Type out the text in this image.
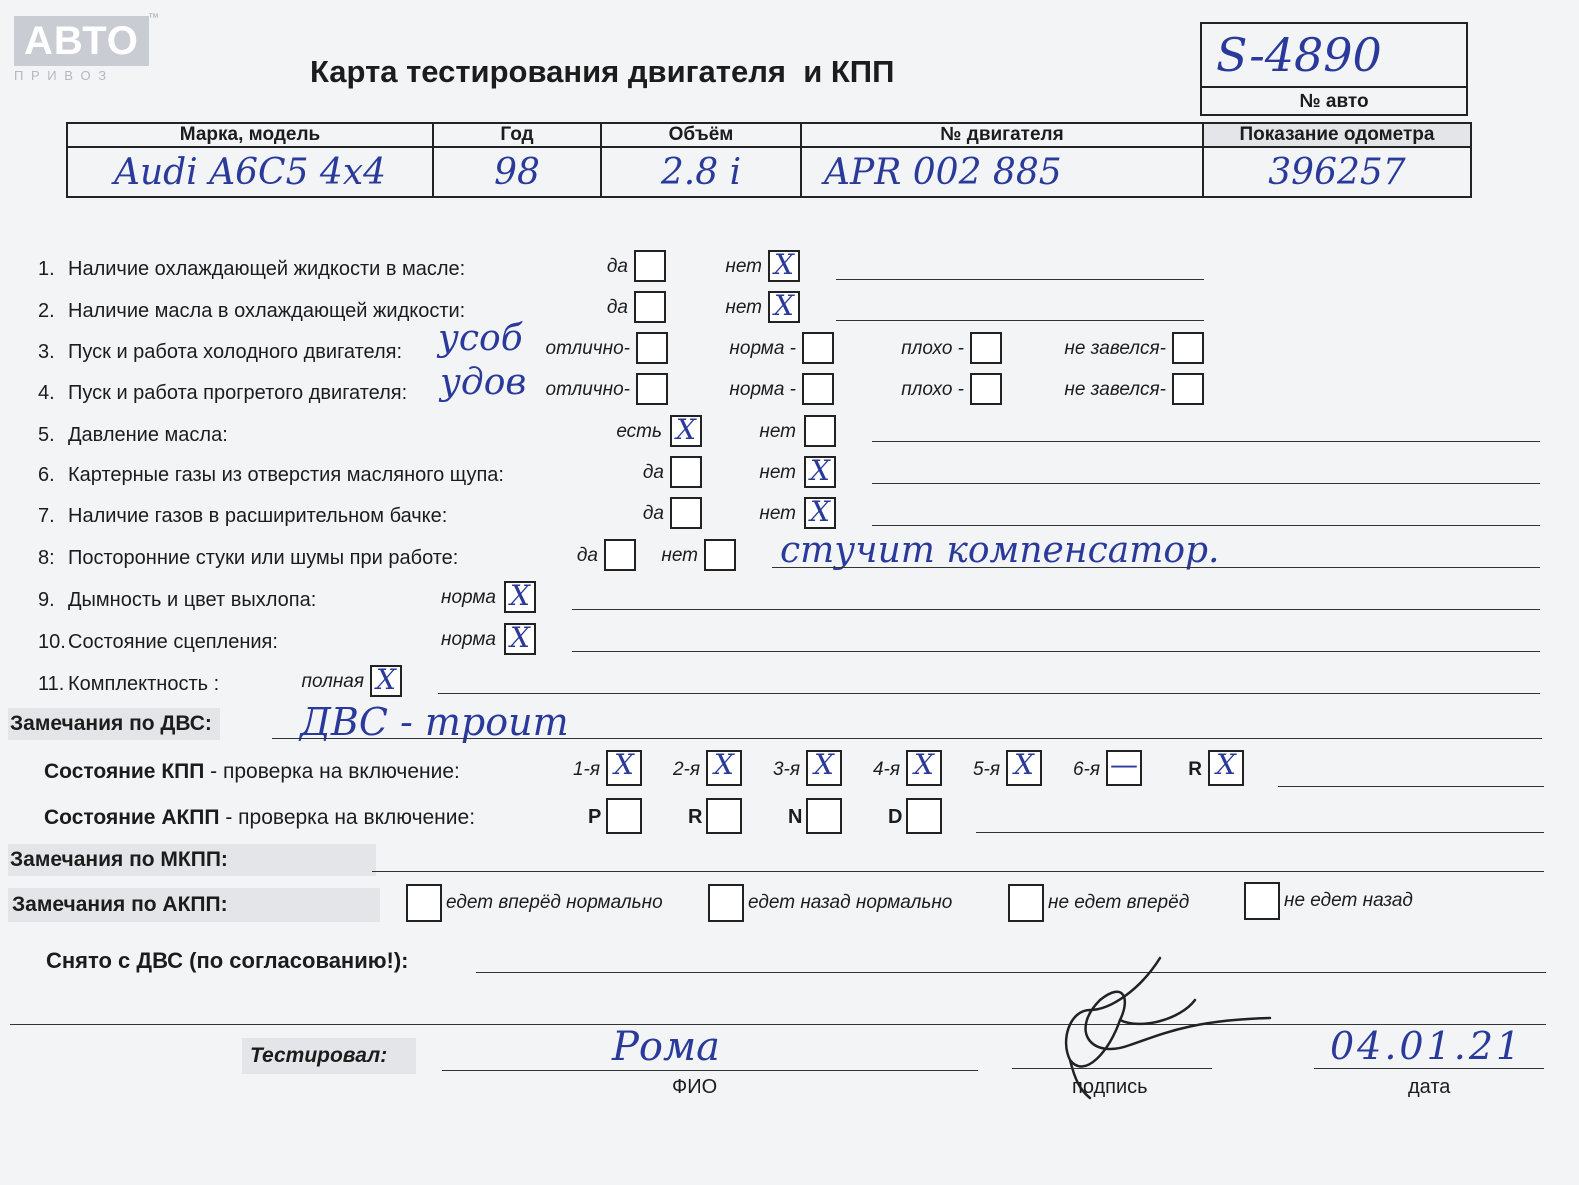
АВТО
П Р И В О З
™
Карта тестирования двигателя  и КПП	S-4890
№ авто
Марка, модель	Год	Объём	№ двигателя	Показание одометра
Audi A6C5 4x4	98	2.8 i	APR 002 885	396257
1. Наличие охлаждающей жидкости в масле:	да	нет X
2. Наличие масла в охлаждающей жидкости:	да	нет X
3. Пуск и работа холодного двигателя: усоб	отлично-	норма -	плохо -	не завелся-
4. Пуск и работа прогретого двигателя: удов	отлично-	норма -	плохо -	не завелся-
5. Давление масла:	есть X	нет
6. Картерные газы из отверстия масляного щупа:	да	нет X
7. Наличие газов в расширительном бачке:	да	нет X
8: Посторонние стуки или шумы при работе:	да	нет стучит компенсатор.
9. Дымность и цвет выхлопа:	норма X
10. Состояние сцепления:	норма X
11. Комплектность :	полная X
Замечания по ДВС: ДВС - троит
Состояние КПП - проверка на включение:	1-я X	2-я X	3-я X	4-я X	5-я X	6-я —	R X
Состояние АКПП - проверка на включение:	P	R	N	D
Замечания по МКПП:
Замечания по АКПП:	едет вперёд нормально	едет назад нормально	не едет вперёд	не едет назад
Снято с ДВС (по согласованию!):
Тестировал:	Рома
ФИО	подпись
04.01.21
дата
